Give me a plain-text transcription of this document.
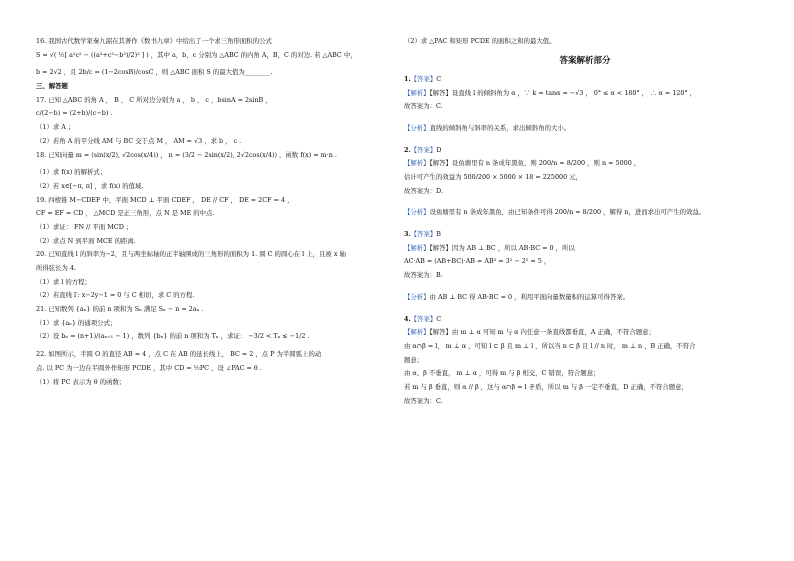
16. 我国古代数学家秦九韶在其著作《数书九章》中给出了一个求三角形面积的公式
S = √( ½[ a²c² − ((a²+c²−b²)/2)² ] ) ，其中 a，b，c 分别为 △ABC 的内角 A，B，C 的对边. 若 △ABC 中，
b = 2√2 ，且 2b/c = (1−2cosB)/cosC ，则 △ABC 面积 S 的最大值为________.
三、解答题
17. 已知 △ABC 的角 A ， B ， C 所对边分别为 a ， b ， c ，bsinA = 2sinB ，
c/(2−b) = (2+b)/(c−b) .
（1）求 A ；
（2）若角 A 的平分线 AM 与 BC 交于点 M ， AM = √3 ，求 b ， c .
18. 已知向量 m = (sin(x/2), √2cos(x/4)) ， n = (3/2 − 2sin(x/2), 2√2cos(x/4)) ，函数 f(x) = m·n .
（1）求 f(x) 的解析式；
（2）若 x∈[−π, π] ，求 f(x) 的值域.
19. 四棱锥 M−CDEF 中，平面 MCD ⊥ 平面 CDEF ， DE // CF ， DE = 2CF = 4 ，
CF = EF = CD ， △MCD 是正三角形，点 N 是 ME 的中点.
（1）求证： FN // 平面 MCD ；
（2）求点 N 到平面 MCE 的距离.
20. 已知直线 l 的斜率为−2，且与两坐标轴的正半轴围成的三角形的面积为 1. 圆 C 的圆心在 l 上，且被 x 轴
所得弦长为 4.
（1）求 l 的方程；
（2）若直线 l′: x−2y−1 = 0 与 C 相切，求 C 的方程.
21. 已知数列 {aₙ} 的前 n 项和为 Sₙ 满足 Sₙ − n = 2aₙ .
（1）求 {aₙ} 的通项公式；
（2）设 bₙ = (n+1)/(aₙ₊₁ − 1) ，数列 {bₙ} 的前 n 项和为 Tₙ ，求证： −3/2 < Tₙ ≤ −1/2 .
22. 如图所示，半圆 O 的直径 AB = 4 ，点 C 在 AB 的延长线上， BC = 2 ，点 P 为半圆弧上的动
点. 以 PC 为一边在半圆外作矩形 PCDE ，其中 CD = ½PC ，设 ∠PAC = θ .
（1）将 PC 表示为 θ 的函数；
（2）求 △PAC 和矩形 PCDE 的面积之和的最大值。
答案解析部分
1.【答案】C
【解析】【解答】设直线 l 的倾斜角为 α ，∵ k = tanα = −√3 ， 0° ≤ α < 180° ， ∴ α = 120° ，
故答案为：C.
【分析】直线的倾斜角与斜率的关系，求出倾斜角的大小。
2.【答案】D
【解析】【解答】设鱼塘里有 n 条成年黑鱼，则 200/n ≈ 8/200 ，则 n ≈ 5000 ，
估计可产生的效益为 500/200 × 5000 × 18 = 225000 元，
故答案为：D.
【分析】设鱼塘里有 n 条成年黑鱼，由已知条件可得 200/n ≈ 8/200 ，解得 n，进而求出可产生的效益。
3.【答案】B
【解析】【解答】因为 AB ⊥ BC ，所以 AB·BC = 0 ，所以
AC·AB = (AB+BC)·AB = AB² = 3² − 2² = 5 ，
故答案为：B.
【分析】由 AB ⊥ BC 得 AB·BC = 0 ，利用平面向量数量积的运算可得答案。
4.【答案】C
【解析】【解答】由 m ⊥ α 可知 m 与 α 内任意一条直线都垂直，A 正确，不符合题意；
由 α∩β = l， m ⊥ α ，可知 l ⊂ β 且 m ⊥ l ，所以当 n ⊂ β 且 l // n 时， m ⊥ n ，B 正确，不符合
题意；
由 α、β 不垂直， m ⊥ α ，可得 m 与 β 相交，C 错误，符合题意；
若 m 与 β 垂直，则 α // β ，这与 α∩β = l 矛盾，所以 m 与 β 一定不垂直，D 正确，不符合题意，
故答案为：C.
